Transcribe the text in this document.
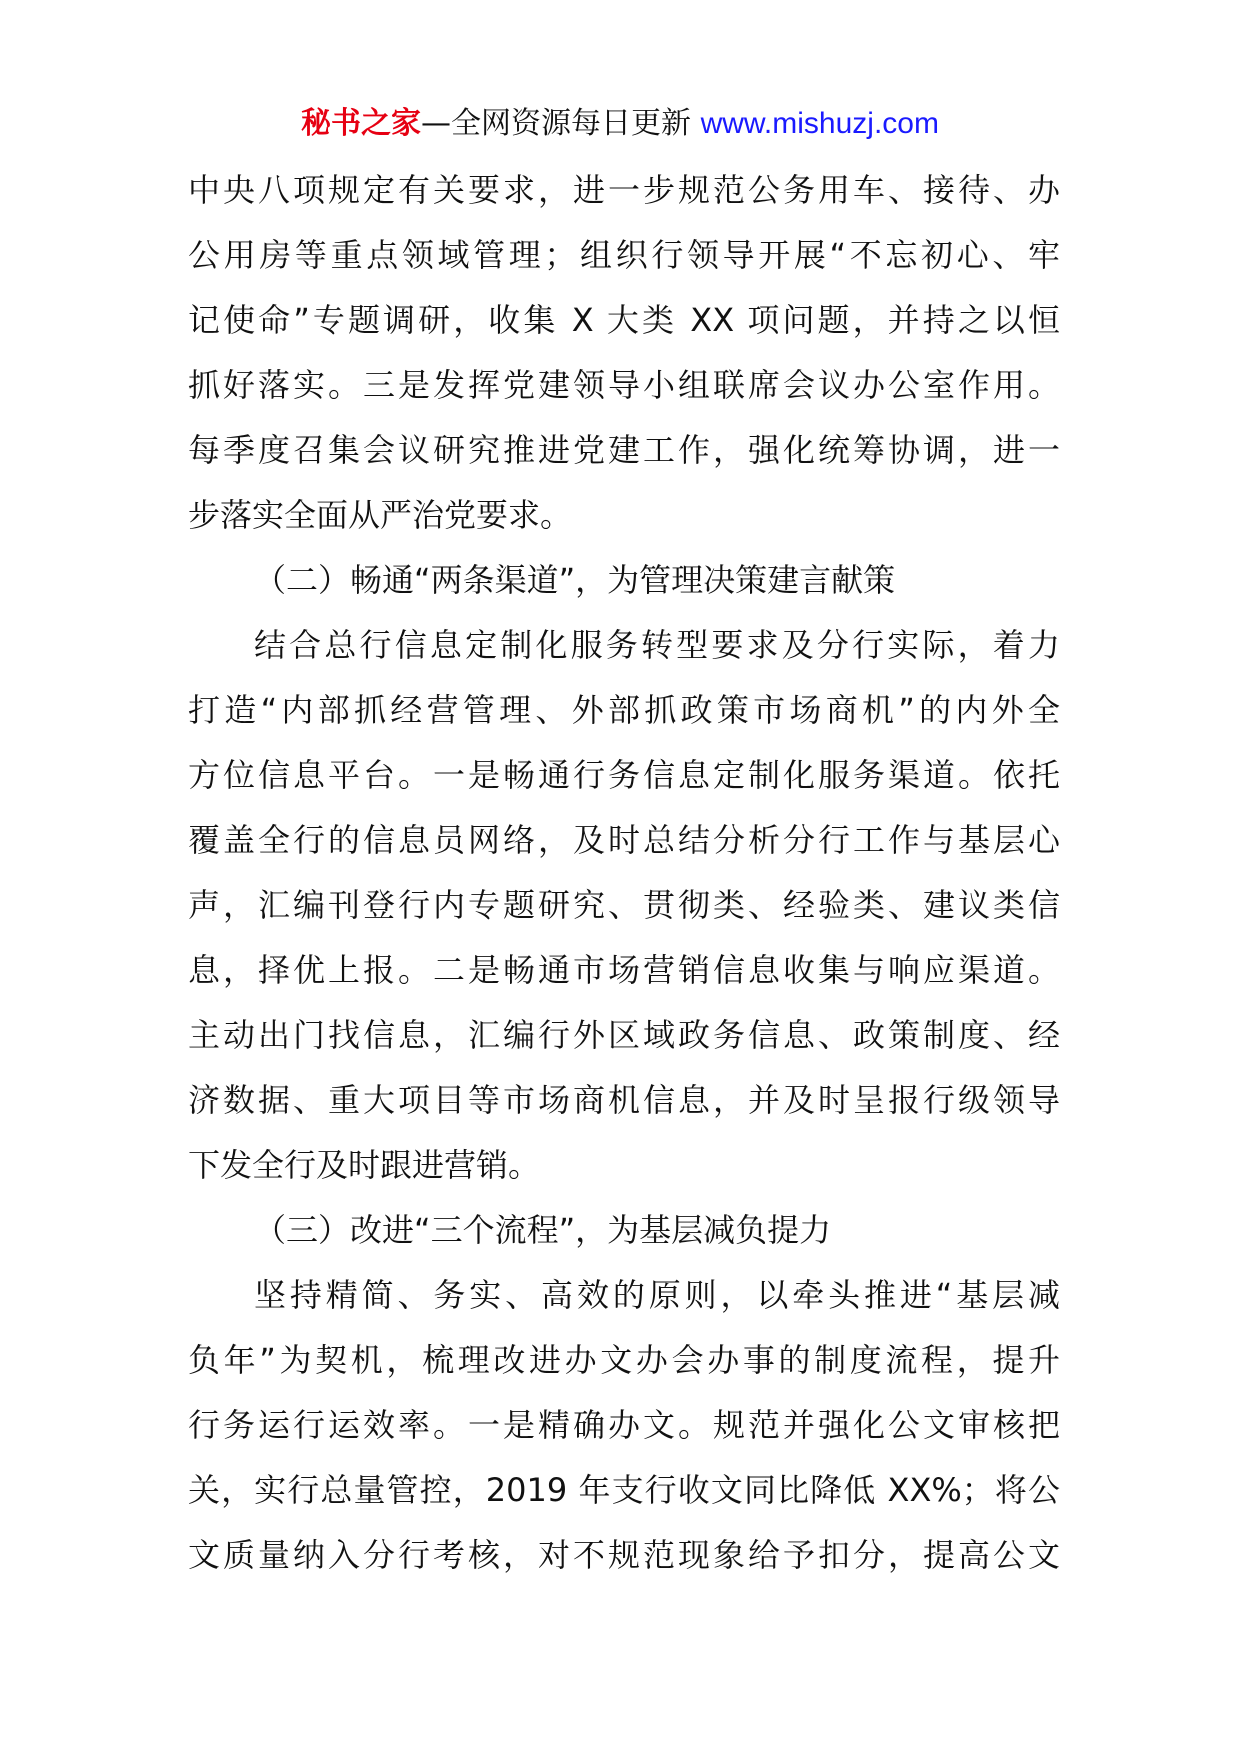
秘书之家—全网资源每日更新 www.mishuzj.com
中央八项规定有关要求，进一步规范公务用车、接待、办
公用房等重点领域管理；组织行领导开展“不忘初心、牢
记使命”专题调研，收集 X 大类 XX 项问题，并持之以恒
抓好落实。三是发挥党建领导小组联席会议办公室作用。
每季度召集会议研究推进党建工作，强化统筹协调，进一
步落实全面从严治党要求。
（二）畅通“两条渠道”，为管理决策建言献策
结合总行信息定制化服务转型要求及分行实际，着力
打造“内部抓经营管理、外部抓政策市场商机”的内外全
方位信息平台。一是畅通行务信息定制化服务渠道。依托
覆盖全行的信息员网络，及时总结分析分行工作与基层心
声，汇编刊登行内专题研究、贯彻类、经验类、建议类信
息，择优上报。二是畅通市场营销信息收集与响应渠道。
主动出门找信息，汇编行外区域政务信息、政策制度、经
济数据、重大项目等市场商机信息，并及时呈报行级领导
下发全行及时跟进营销。
（三）改进“三个流程”，为基层减负提力
坚持精简、务实、高效的原则，以牵头推进“基层减
负年”为契机，梳理改进办文办会办事的制度流程，提升
行务运行运效率。一是精确办文。规范并强化公文审核把
关，实行总量管控，2019 年支行收文同比降低 XX%；将公
文质量纳入分行考核，对不规范现象给予扣分，提高公文
